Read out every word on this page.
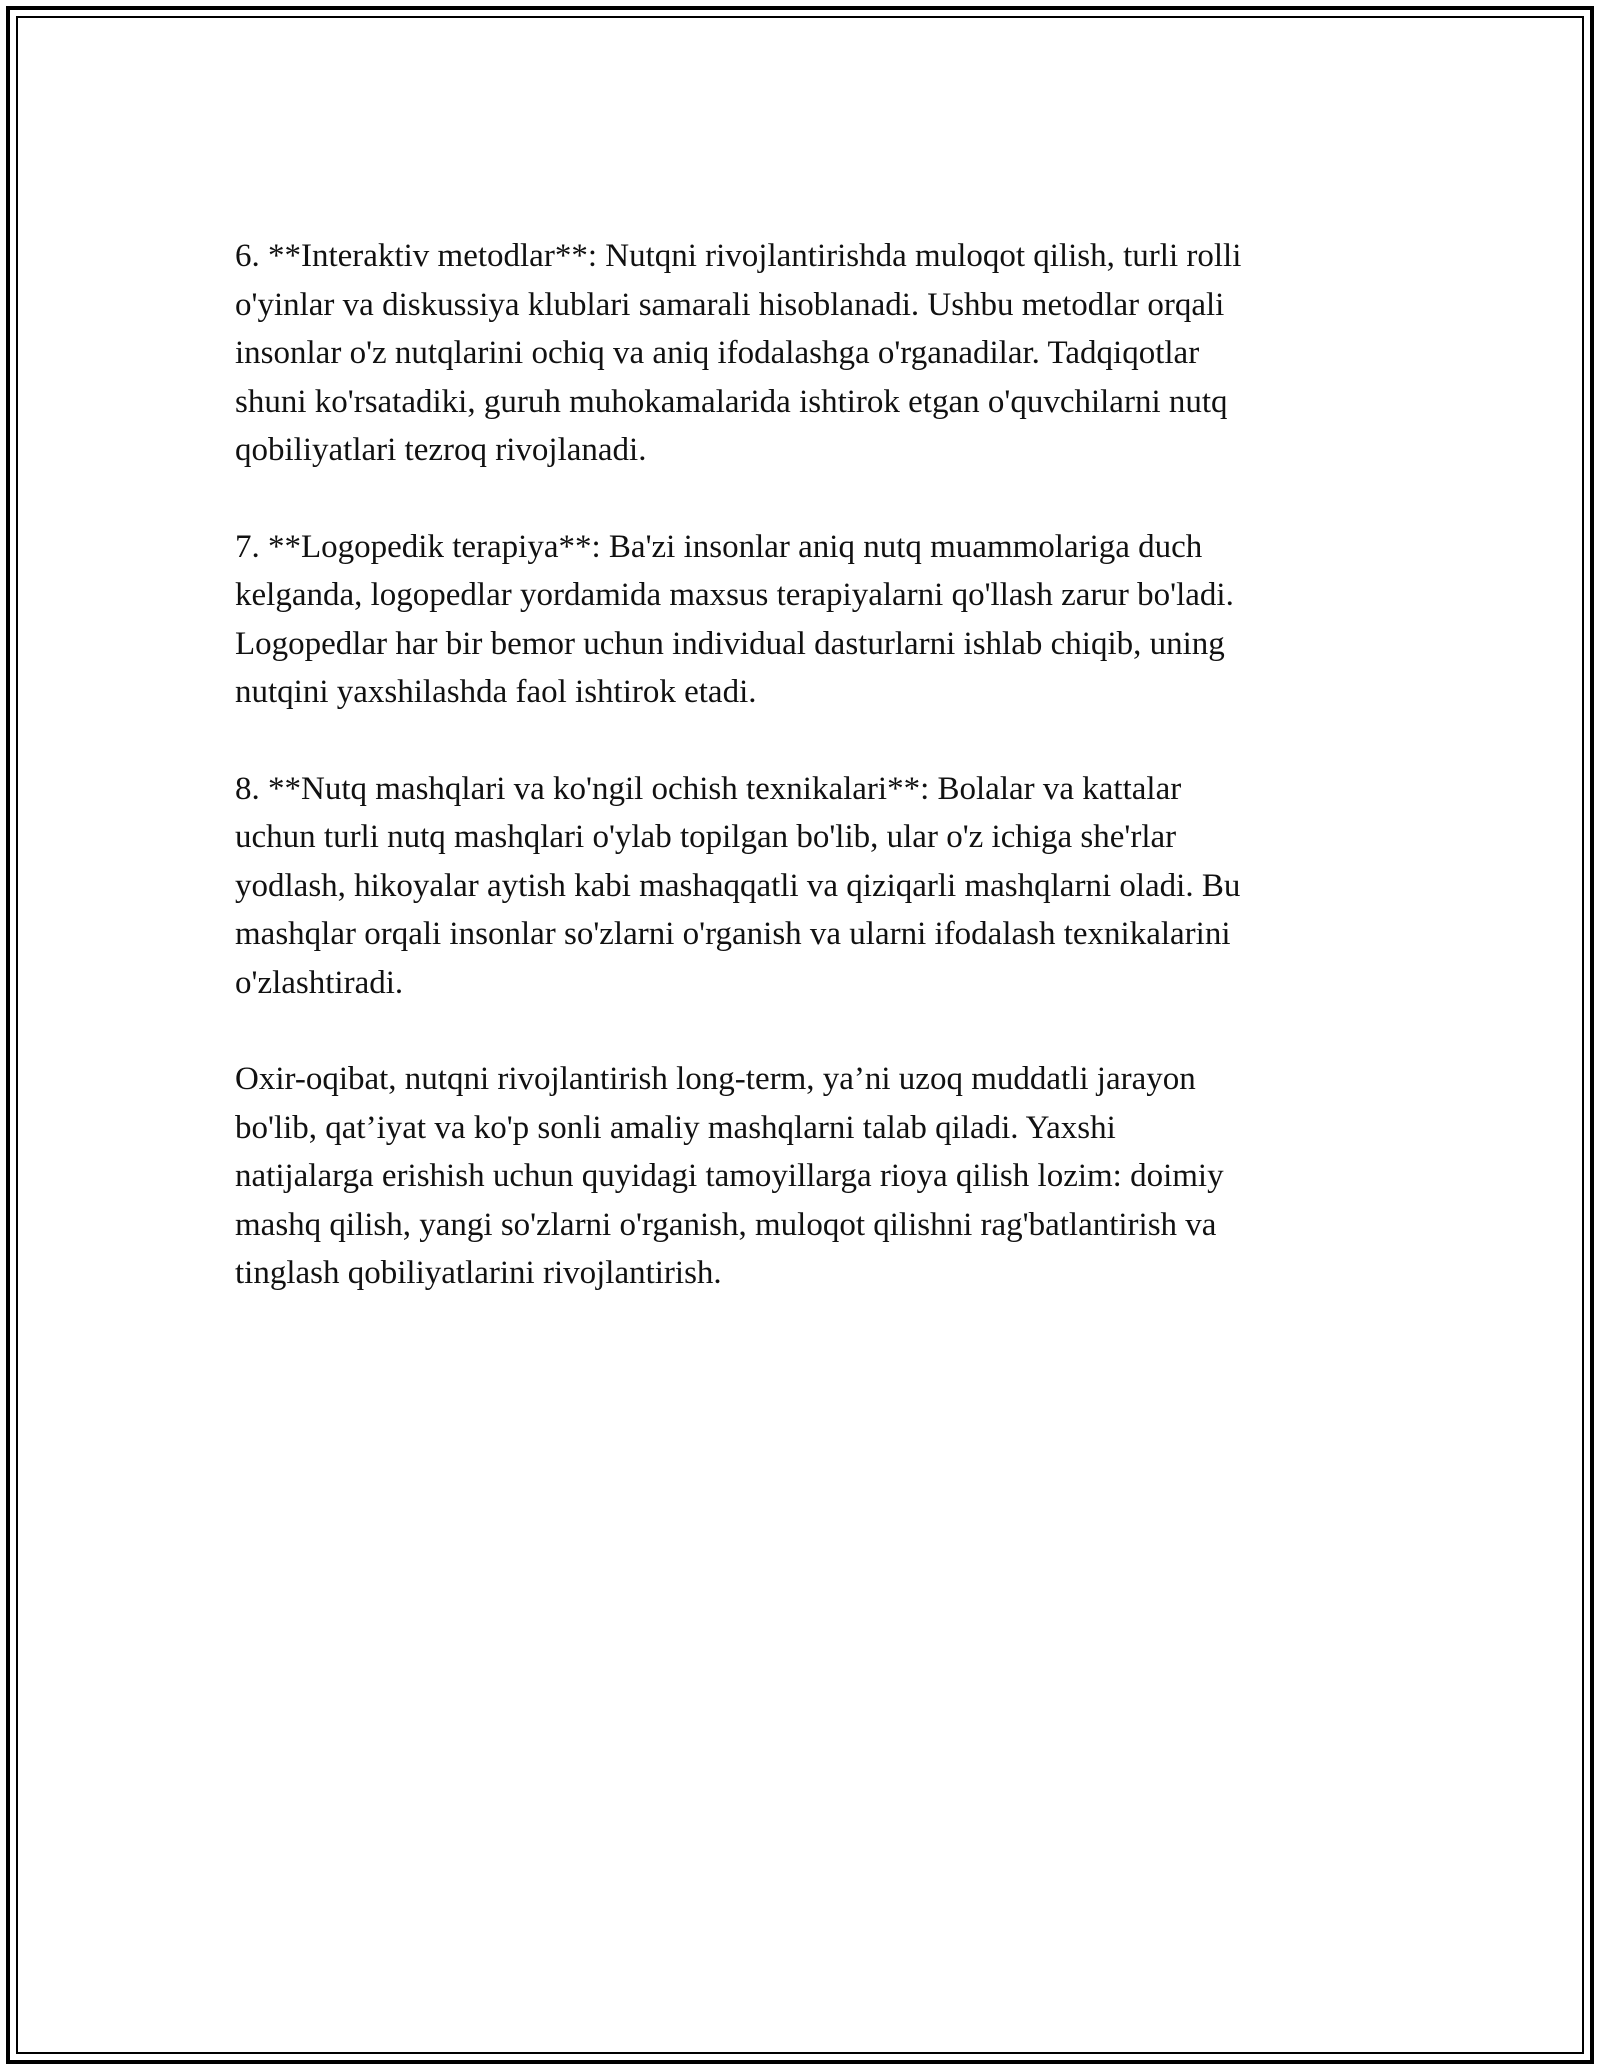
6. **Interaktiv metodlar**: Nutqni rivojlantirishda muloqot qilish, turli rolli
o'yinlar va diskussiya klublari samarali hisoblanadi. Ushbu metodlar orqali
insonlar o'z nutqlarini ochiq va aniq ifodalashga o'rganadilar. Tadqiqotlar
shuni ko'rsatadiki, guruh muhokamalarida ishtirok etgan o'quvchilarni nutq
qobiliyatlari tezroq rivojlanadi.

7. **Logopedik terapiya**: Ba'zi insonlar aniq nutq muammolariga duch
kelganda, logopedlar yordamida maxsus terapiyalarni qo'llash zarur bo'ladi.
Logopedlar har bir bemor uchun individual dasturlarni ishlab chiqib, uning
nutqini yaxshilashda faol ishtirok etadi.

8. **Nutq mashqlari va ko'ngil ochish texnikalari**: Bolalar va kattalar
uchun turli nutq mashqlari o'ylab topilgan bo'lib, ular o'z ichiga she'rlar
yodlash, hikoyalar aytish kabi mashaqqatli va qiziqarli mashqlarni oladi. Bu
mashqlar orqali insonlar so'zlarni o'rganish va ularni ifodalash texnikalarini
o'zlashtiradi.

Oxir-oqibat, nutqni rivojlantirish long-term, ya’ni uzoq muddatli jarayon
bo'lib, qat’iyat va ko'p sonli amaliy mashqlarni talab qiladi. Yaxshi
natijalarga erishish uchun quyidagi tamoyillarga rioya qilish lozim: doimiy
mashq qilish, yangi so'zlarni o'rganish, muloqot qilishni rag'batlantirish va
tinglash qobiliyatlarini rivojlantirish.
